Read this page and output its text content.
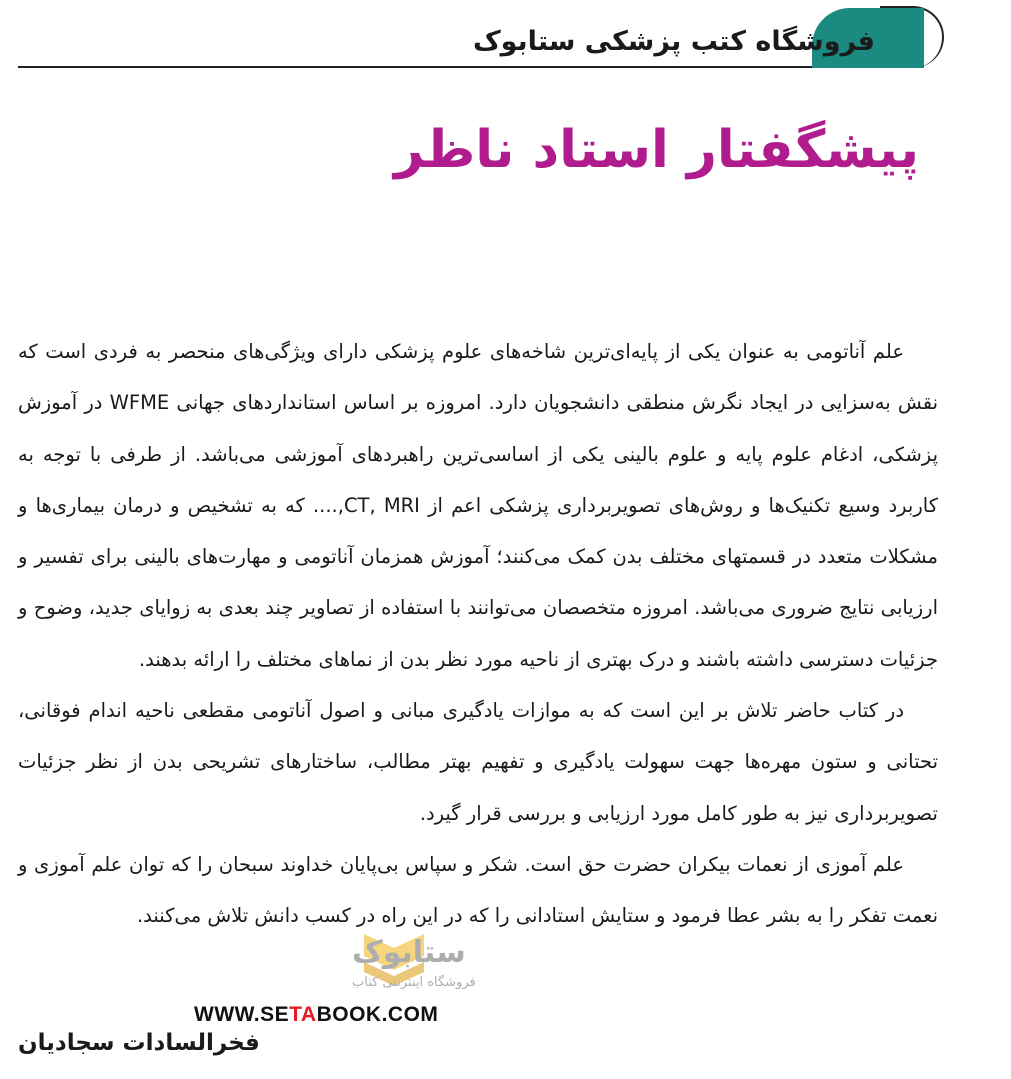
فروشگاه کتب پزشکی ستابوک
پیشگفتار استاد ناظر

علم آناتومی به عنوان یکی از پایه‌ای‌ترین شاخه‌های علوم پزشکی دارای ویژگی‌های منحصر به فردی است که نقش به‌سزایی در ایجاد نگرش منطقی دانشجویان دارد. امروزه بر اساس استانداردهای جهانی WFME در آموزش پزشکی، ادغام علوم پایه و علوم بالینی یکی از اساسی‌ترین راهبردهای آموزشی می‌باشد. از طرفی با توجه به کاربرد وسیع تکنیک‌ها و روش‌های تصویربرداری پزشکی اعم از CT, MRI,.... که به تشخیص و درمان بیماری‌ها و مشکلات متعدد در قسمتهای مختلف بدن کمک می‌کنند؛ آموزش همزمان آناتومی و مهارت‌های بالینی برای تفسیر و ارزیابی نتایج ضروری می‌باشد. امروزه متخصصان می‌توانند با استفاده از تصاویر چند بعدی به زوایای جدید، وضوح و جزئیات دسترسی داشته باشند و درک بهتری از ناحیه مورد نظر بدن از نماهای مختلف را ارائه بدهند.

در کتاب حاضر تلاش بر این است که به موازات یادگیری مبانی و اصول آناتومی مقطعی ناحیه اندام فوقانی، تحتانی و ستون مهره‌ها جهت سهولت یادگیری و تفهیم بهتر مطالب، ساختارهای تشریحی بدن از نظر جزئیات تصویربرداری نیز به طور کامل مورد ارزیابی و بررسی قرار گیرد.

علم آموزی از نعمات بیکران حضرت حق است. شکر و سپاس بی‌پایان خداوند سبحان را که توان علم آموزی و نعمت تفکر را به بشر عطا فرمود و ستایش استادانی را که در این راه در کسب دانش تلاش می‌کنند.

ستابوک
فروشگاه اینترنتی کتاب
WWW.SETABOOK.COM
فخرالسادات سجادیان
